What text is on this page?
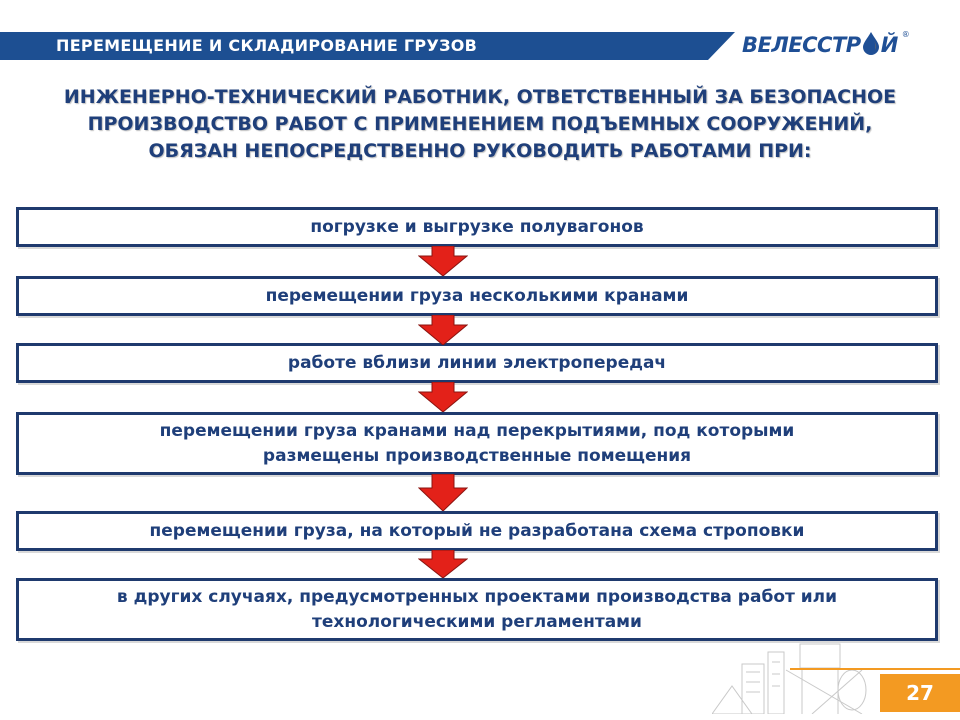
ПЕРЕМЕЩЕНИЕ И СКЛАДИРОВАНИЕ ГРУЗОВ	ВЕЛЕССТР Й ®
ИНЖЕНЕРНО-ТЕХНИЧЕСКИЙ РАБОТНИК, ОТВЕТСТВЕННЫЙ ЗА БЕЗОПАСНОЕ
ПРОИЗВОДСТВО РАБОТ С ПРИМЕНЕНИЕМ ПОДЪЕМНЫХ СООРУЖЕНИЙ,
ОБЯЗАН НЕПОСРЕДСТВЕННО РУКОВОДИТЬ РАБОТАМИ ПРИ:
погрузке и выгрузке полувагонов
перемещении груза несколькими кранами
работе вблизи линии электропередач
перемещении груза кранами над перекрытиями, под которыми
размещены производственные помещения
перемещении груза, на который не разработана схема строповки
в других случаях, предусмотренных проектами производства работ или
технологическими регламентами
27
